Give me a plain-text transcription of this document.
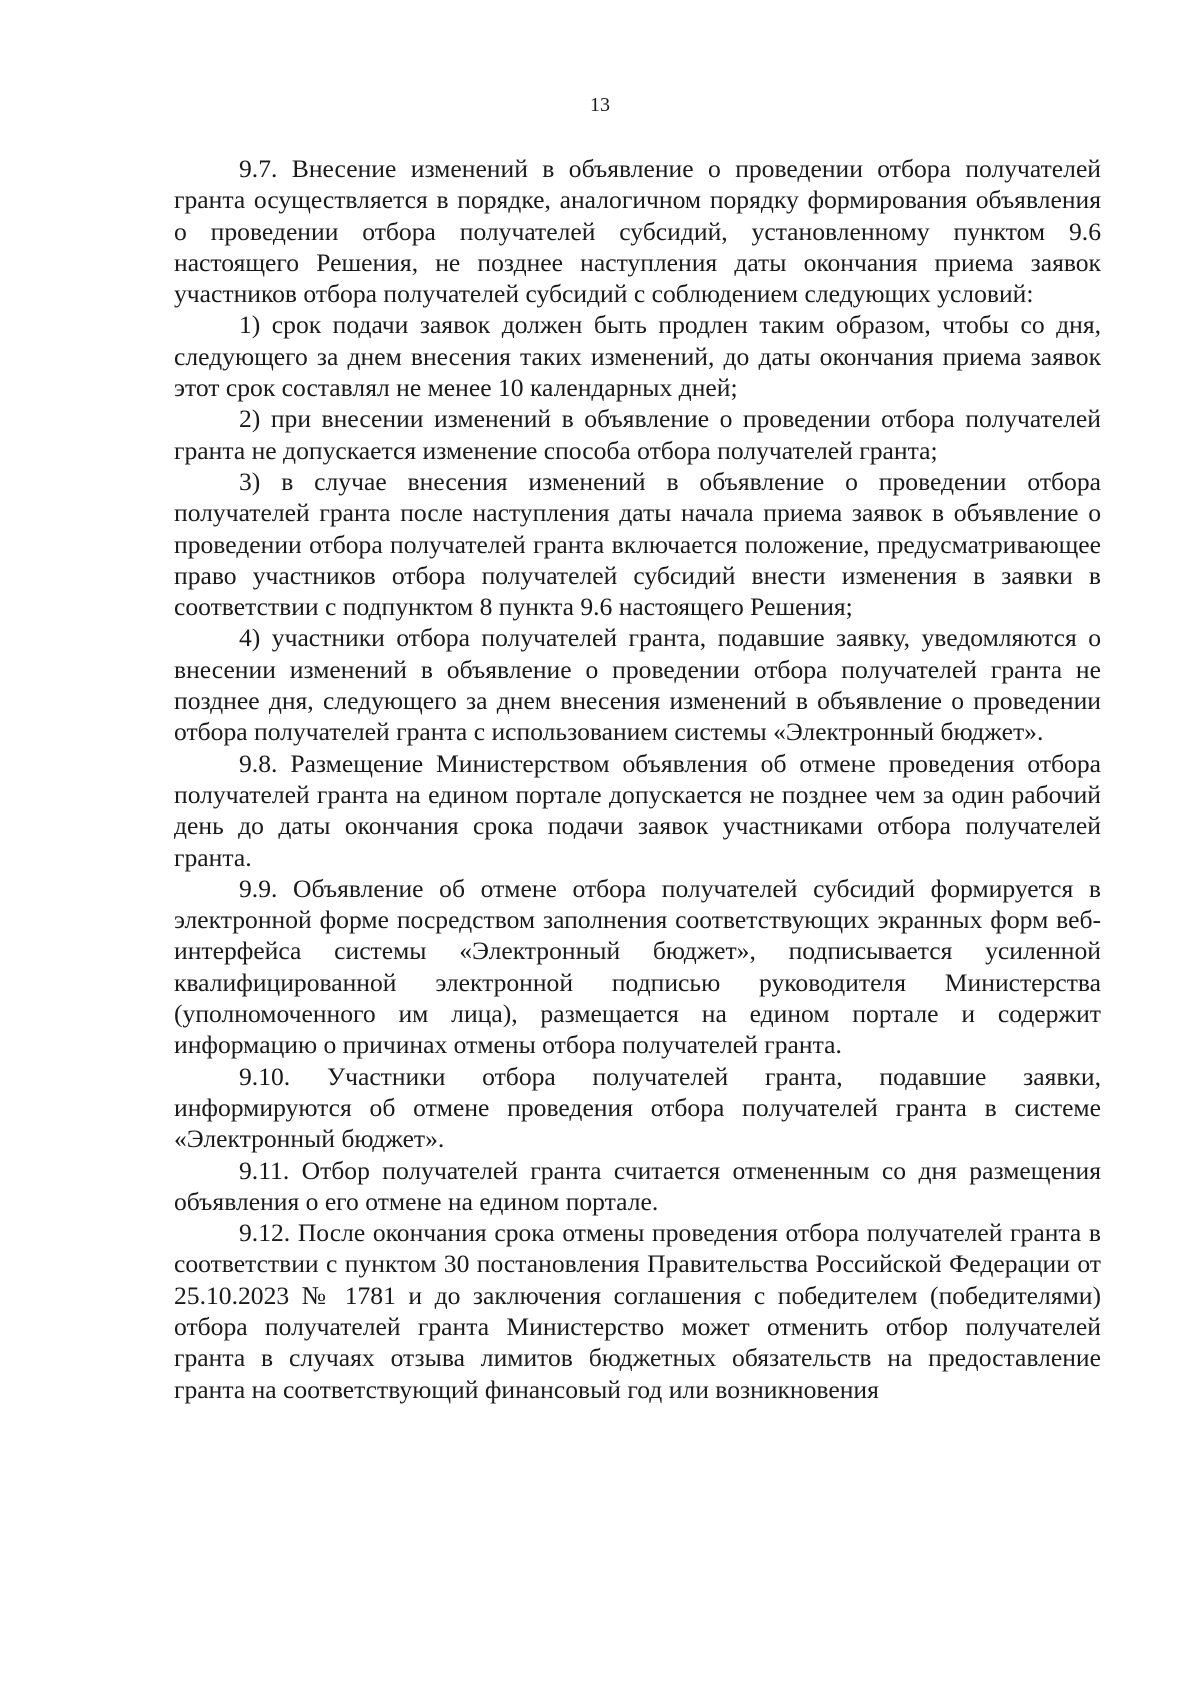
13

9.7. Внесение изменений в объявление о проведении отбора получателей гранта осуществляется в порядке, аналогичном порядку формирования объявления о проведении отбора получателей субсидий, установленному пунктом 9.6 настоящего Решения, не позднее наступления даты окончания приема заявок участников отбора получателей субсидий с соблюдением следующих условий:

1) срок подачи заявок должен быть продлен таким образом, чтобы со дня, следующего за днем внесения таких изменений, до даты окончания приема заявок этот срок составлял не менее 10 календарных дней;

2) при внесении изменений в объявление о проведении отбора получателей гранта не допускается изменение способа отбора получателей гранта;

3) в случае внесения изменений в объявление о проведении отбора получателей гранта после наступления даты начала приема заявок в объявление о проведении отбора получателей гранта включается положение, предусматривающее право участников отбора получателей субсидий внести изменения в заявки в соответствии с подпунктом 8 пункта 9.6 настоящего Решения;

4) участники отбора получателей гранта, подавшие заявку, уведомляются о внесении изменений в объявление о проведении отбора получателей гранта не позднее дня, следующего за днем внесения изменений в объявление о проведении отбора получателей гранта с использованием системы «Электронный бюджет».

9.8. Размещение Министерством объявления об отмене проведения отбора получателей гранта на едином портале допускается не позднее чем за один рабочий день до даты окончания срока подачи заявок участниками отбора получателей гранта.

9.9. Объявление об отмене отбора получателей субсидий формируется в электронной форме посредством заполнения соответствующих экранных форм веб-интерфейса системы «Электронный бюджет», подписывается усиленной квалифицированной электронной подписью руководителя Министерства (уполномоченного им лица), размещается на едином портале и содержит информацию о причинах отмены отбора получателей гранта.

9.10. Участники отбора получателей гранта, подавшие заявки, информируются об отмене проведения отбора получателей гранта в системе «Электронный бюджет».

9.11. Отбор получателей гранта считается отмененным со дня размещения объявления о его отмене на едином портале.

9.12. После окончания срока отмены проведения отбора получателей гранта в соответствии с пунктом 30 постановления Правительства Российской Федерации от 25.10.2023 № 1781 и до заключения соглашения с победителем (победителями) отбора получателей гранта Министерство может отменить отбор получателей гранта в случаях отзыва лимитов бюджетных обязательств на предоставление гранта на соответствующий финансовый год или возникновения
